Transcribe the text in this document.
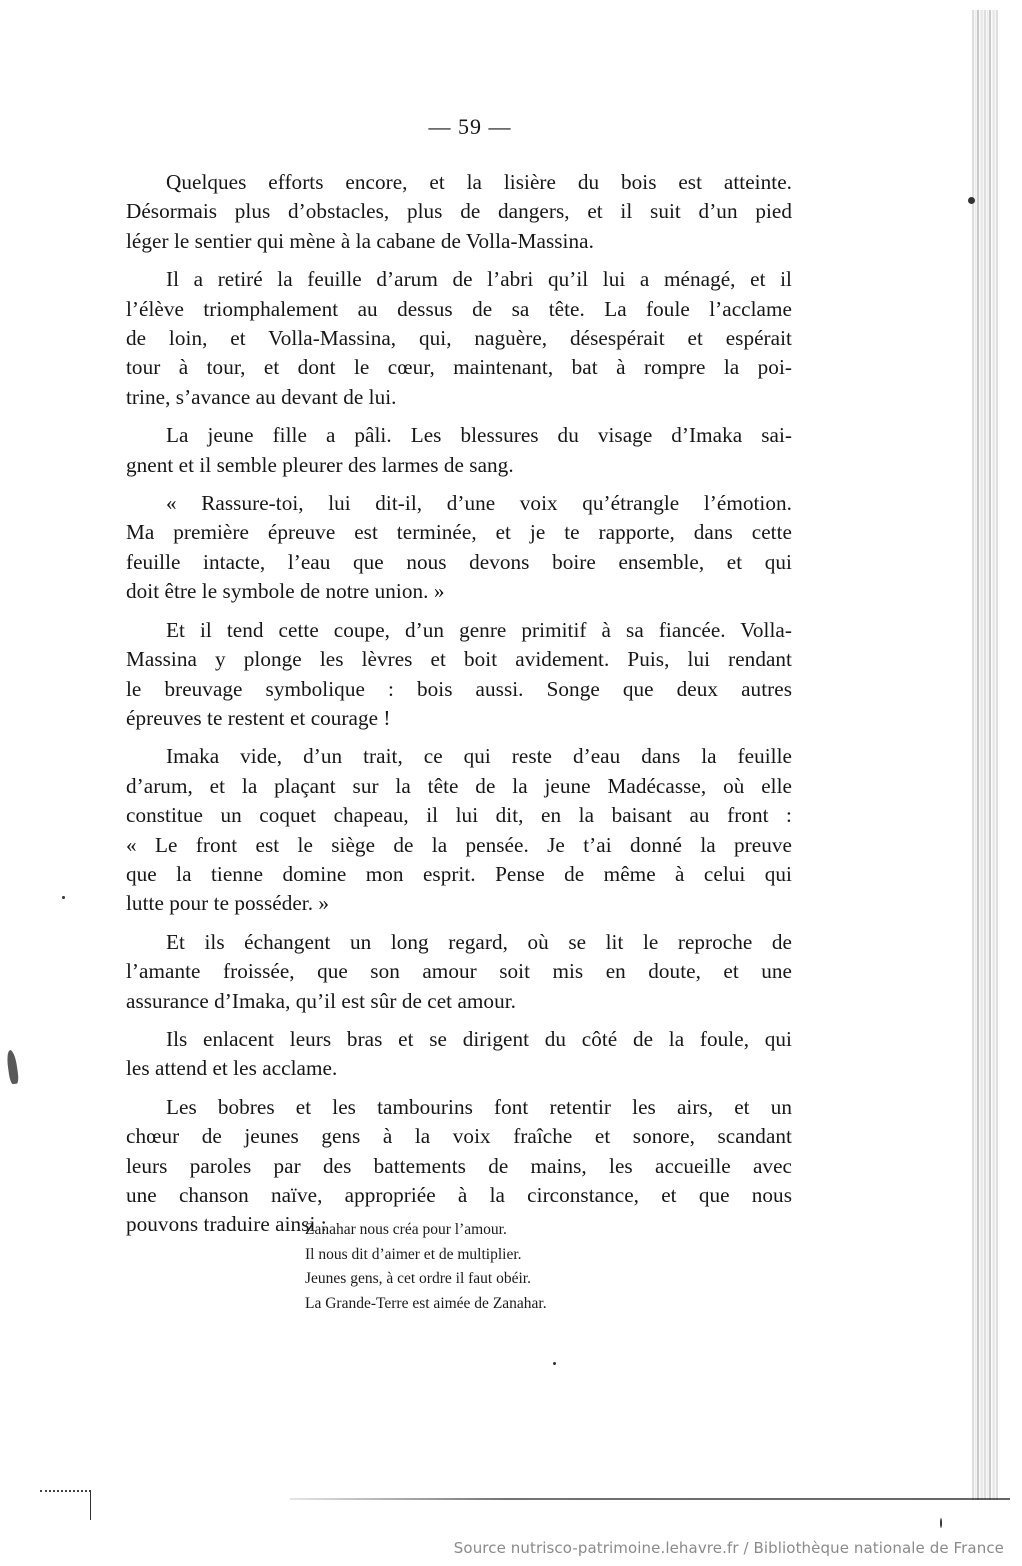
— 59 —

Quelques efforts encore, et la lisière du bois est atteinte.
Désormais plus d’obstacles, plus de dangers, et il suit d’un pied
léger le sentier qui mène à la cabane de Volla-Massina.

Il a retiré la feuille d’arum de l’abri qu’il lui a ménagé, et il
l’élève triomphalement au dessus de sa tête. La foule l’acclame
de loin, et Volla-Massina, qui, naguère, désespérait et espérait
tour à tour, et dont le cœur, maintenant, bat à rompre la poi-
trine, s’avance au devant de lui.

La jeune fille a pâli. Les blessures du visage d’Imaka sai-
gnent et il semble pleurer des larmes de sang.

« Rassure-toi, lui dit-il, d’une voix qu’étrangle l’émotion.
Ma première épreuve est terminée, et je te rapporte, dans cette
feuille intacte, l’eau que nous devons boire ensemble, et qui
doit être le symbole de notre union. »

Et il tend cette coupe, d’un genre primitif à sa fiancée. Volla-
Massina y plonge les lèvres et boit avidement. Puis, lui rendant
le breuvage symbolique : bois aussi. Songe que deux autres
épreuves te restent et courage !

Imaka vide, d’un trait, ce qui reste d’eau dans la feuille
d’arum, et la plaçant sur la tête de la jeune Madécasse, où elle
constitue un coquet chapeau, il lui dit, en la baisant au front :
« Le front est le siège de la pensée. Je t’ai donné la preuve
que la tienne domine mon esprit. Pense de même à celui qui
lutte pour te posséder. »

Et ils échangent un long regard, où se lit le reproche de
l’amante froissée, que son amour soit mis en doute, et une
assurance d’Imaka, qu’il est sûr de cet amour.

Ils enlacent leurs bras et se dirigent du côté de la foule, qui
les attend et les acclame.

Les bobres et les tambourins font retentir les airs, et un
chœur de jeunes gens à la voix fraîche et sonore, scandant
leurs paroles par des battements de mains, les accueille avec
une chanson naïve, appropriée à la circonstance, et que nous
pouvons traduire ainsi :

Zanahar nous créa pour l’amour.
Il nous dit d’aimer et de multiplier.
Jeunes gens, à cet ordre il faut obéir.
La Grande-Terre est aimée de Zanahar.
Source nutrisco-patrimoine.lehavre.fr / Bibliothèque nationale de France
